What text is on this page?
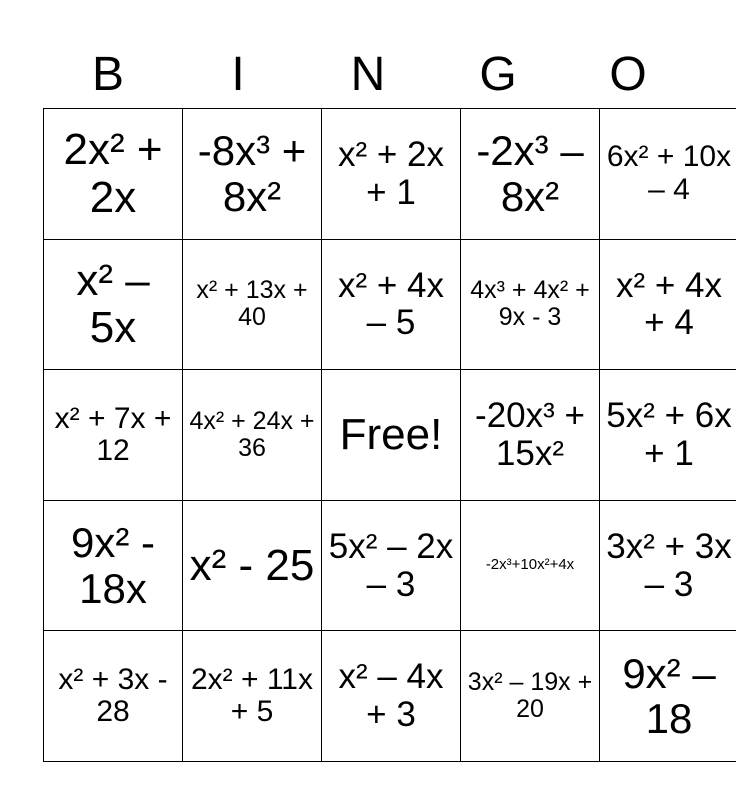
B	I	N	G	O
2x² + 2x	-8x³ + 8x²	x² + 2x + 1	-2x³ – 8x²	6x² + 10x – 4
x² – 5x	x² + 13x + 40	x² + 4x – 5	4x³ + 4x² + 9x - 3	x² + 4x + 4
x² + 7x + 12	4x² + 24x + 36	Free!	-20x³ + 15x²	5x² + 6x + 1
9x² - 18x	x² - 25	5x² – 2x – 3	-2x³+10x²+4x	3x² + 3x – 3
x² + 3x - 28	2x² + 11x + 5	x² – 4x + 3	3x² – 19x + 20	9x² – 18
